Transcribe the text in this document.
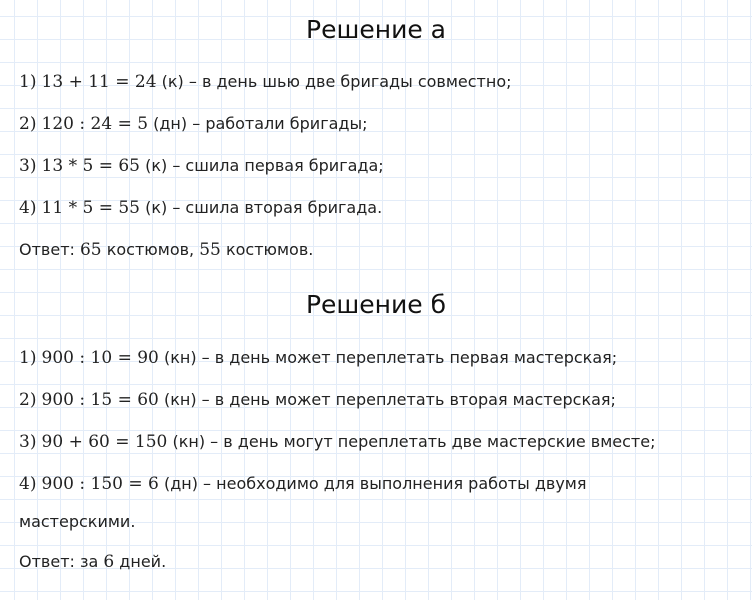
Решение а
1) 13 + 11 = 24 (к) – в день шью две бригады совместно;
2) 120 : 24 = 5 (дн) – работали бригады;
3) 13 * 5 = 65 (к) – сшила первая бригада;
4) 11 * 5 = 55 (к) – сшила вторая бригада.
Ответ: 65 костюмов, 55 костюмов.
Решение б
1) 900 : 10 = 90 (кн) – в день может переплетать первая мастерская;
2) 900 : 15 = 60 (кн) – в день может переплетать вторая мастерская;
3) 90 + 60 = 150 (кн) – в день могут переплетать две мастерские вместе;
4) 900 : 150 = 6 (дн) – необходимо для выполнения работы двумя
мастерскими.
Ответ: за 6 дней.
